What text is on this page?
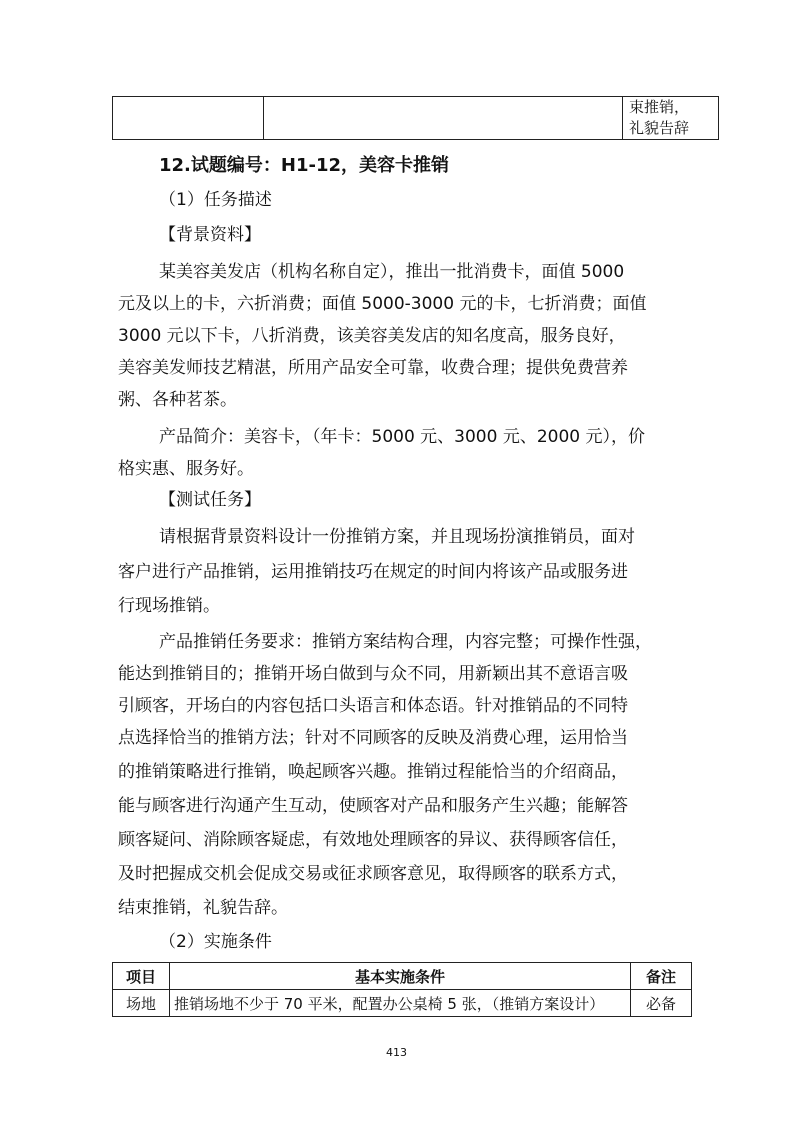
束推销，
礼貌告辞
12.试题编号：H1-12，美容卡推销
（1）任务描述
【背景资料】
某美容美发店（机构名称自定），推出一批消费卡，面值 5000
元及以上的卡，六折消费；面值 5000-3000 元的卡，七折消费；面值
3000 元以下卡，八折消费，该美容美发店的知名度高，服务良好，
美容美发师技艺精湛，所用产品安全可靠，收费合理；提供免费营养
粥、各种茗茶。
产品简介：美容卡，（年卡：5000 元、3000 元、2000 元），价
格实惠、服务好。
【测试任务】
请根据背景资料设计一份推销方案，并且现场扮演推销员，面对
客户进行产品推销，运用推销技巧在规定的时间内将该产品或服务进
行现场推销。
产品推销任务要求：推销方案结构合理，内容完整；可操作性强，
能达到推销目的；推销开场白做到与众不同，用新颖出其不意语言吸
引顾客，开场白的内容包括口头语言和体态语。针对推销品的不同特
点选择恰当的推销方法；针对不同顾客的反映及消费心理，运用恰当
的推销策略进行推销，唤起顾客兴趣。推销过程能恰当的介绍商品，
能与顾客进行沟通产生互动，使顾客对产品和服务产生兴趣；能解答
顾客疑问、消除顾客疑虑，有效地处理顾客的异议、获得顾客信任，
及时把握成交机会促成交易或征求顾客意见，取得顾客的联系方式，
结束推销，礼貌告辞。
（2）实施条件
项目	基本实施条件	备注
场地	推销场地不少于 70 平米，配置办公桌椅 5 张，（推销方案设计）	必备
413
